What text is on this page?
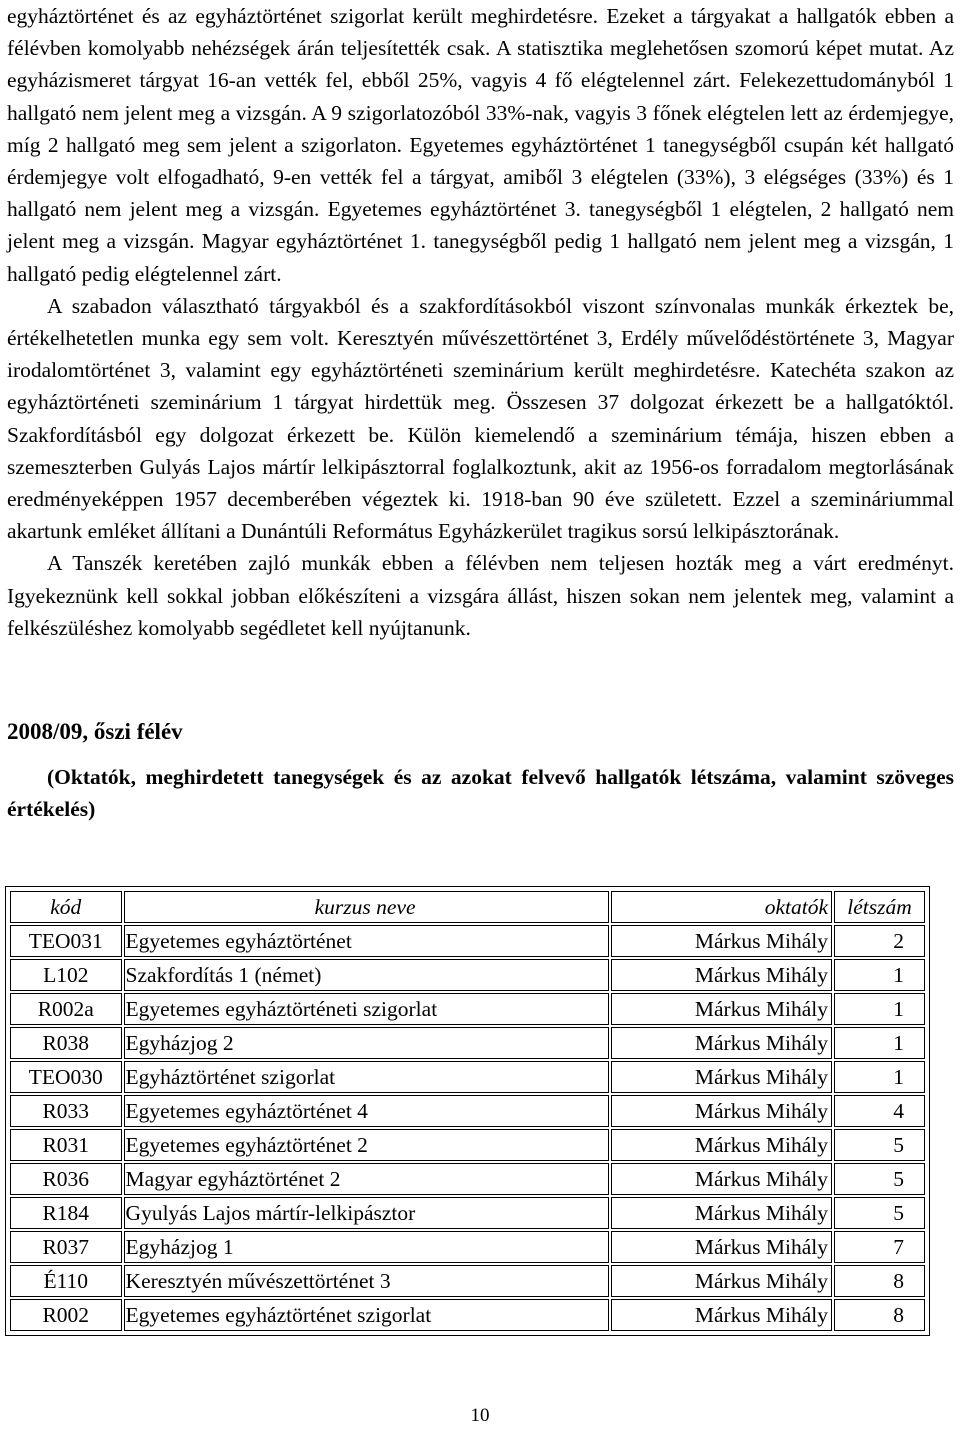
egyháztörténet és az egyháztörténet szigorlat került meghirdetésre. Ezeket a tárgyakat a hallgatók ebben a félévben komolyabb nehézségek árán teljesítették csak. A statisztika meglehetősen szomorú képet mutat. Az egyházismeret tárgyat 16-an vették fel, ebből 25%, vagyis 4 fő elégtelennel zárt. Felekezettudományból 1 hallgató nem jelent meg a vizsgán. A 9 szigorlatozóból 33%-nak, vagyis 3 főnek elégtelen lett az érdemjegye, míg 2 hallgató meg sem jelent a szigorlaton. Egyetemes egyháztörténet 1 tanegységből csupán két hallgató érdemjegye volt elfogadható, 9-en vették fel a tárgyat, amiből 3 elégtelen (33%), 3 elégséges (33%) és 1 hallgató nem jelent meg a vizsgán. Egyetemes egyháztörténet 3. tanegységből 1 elégtelen, 2 hallgató nem jelent meg a vizsgán. Magyar egyháztörténet 1. tanegységből pedig 1 hallgató nem jelent meg a vizsgán, 1 hallgató pedig elégtelennel zárt.

A szabadon választható tárgyakból és a szakfordításokból viszont színvonalas munkák érkeztek be, értékelhetetlen munka egy sem volt. Keresztyén művészettörténet 3, Erdély művelődéstörténete 3, Magyar irodalomtörténet 3, valamint egy egyháztörténeti szeminárium került meghirdetésre. Katechéta szakon az egyháztörténeti szeminárium 1 tárgyat hirdettük meg. Összesen 37 dolgozat érkezett be a hallgatóktól. Szakfordításból egy dolgozat érkezett be. Külön kiemelendő a szeminárium témája, hiszen ebben a szemeszterben Gulyás Lajos mártír lelkipásztorral foglalkoztunk, akit az 1956-os forradalom megtorlásának eredményeképpen 1957 decemberében végeztek ki. 1918-ban 90 éve született. Ezzel a szemináriummal akartunk emléket állítani a Dunántúli Református Egyházkerület tragikus sorsú lelkipásztorának.

A Tanszék keretében zajló munkák ebben a félévben nem teljesen hozták meg a várt eredményt. Igyekeznünk kell sokkal jobban előkészíteni a vizsgára állást, hiszen sokan nem jelentek meg, valamint a felkészüléshez komolyabb segédletet kell nyújtanunk.

2008/09, őszi félév

(Oktatók, meghirdetett tanegységek és az azokat felvevő hallgatók létszáma, valamint szöveges értékelés)

kód	kurzus neve	oktatók	létszám
TEO031	Egyetemes egyháztörténet	Márkus Mihály	2
L102	Szakfordítás 1 (német)	Márkus Mihály	1
R002a	Egyetemes egyháztörténeti szigorlat	Márkus Mihály	1
R038	Egyházjog 2	Márkus Mihály	1
TEO030	Egyháztörténet szigorlat	Márkus Mihály	1
R033	Egyetemes egyháztörténet 4	Márkus Mihály	4
R031	Egyetemes egyháztörténet 2	Márkus Mihály	5
R036	Magyar egyháztörténet 2	Márkus Mihály	5
R184	Gyulyás Lajos mártír-lelkipásztor	Márkus Mihály	5
R037	Egyházjog 1	Márkus Mihály	7
É110	Keresztyén művészettörténet 3	Márkus Mihály	8
R002	Egyetemes egyháztörténet szigorlat	Márkus Mihály	8
10
